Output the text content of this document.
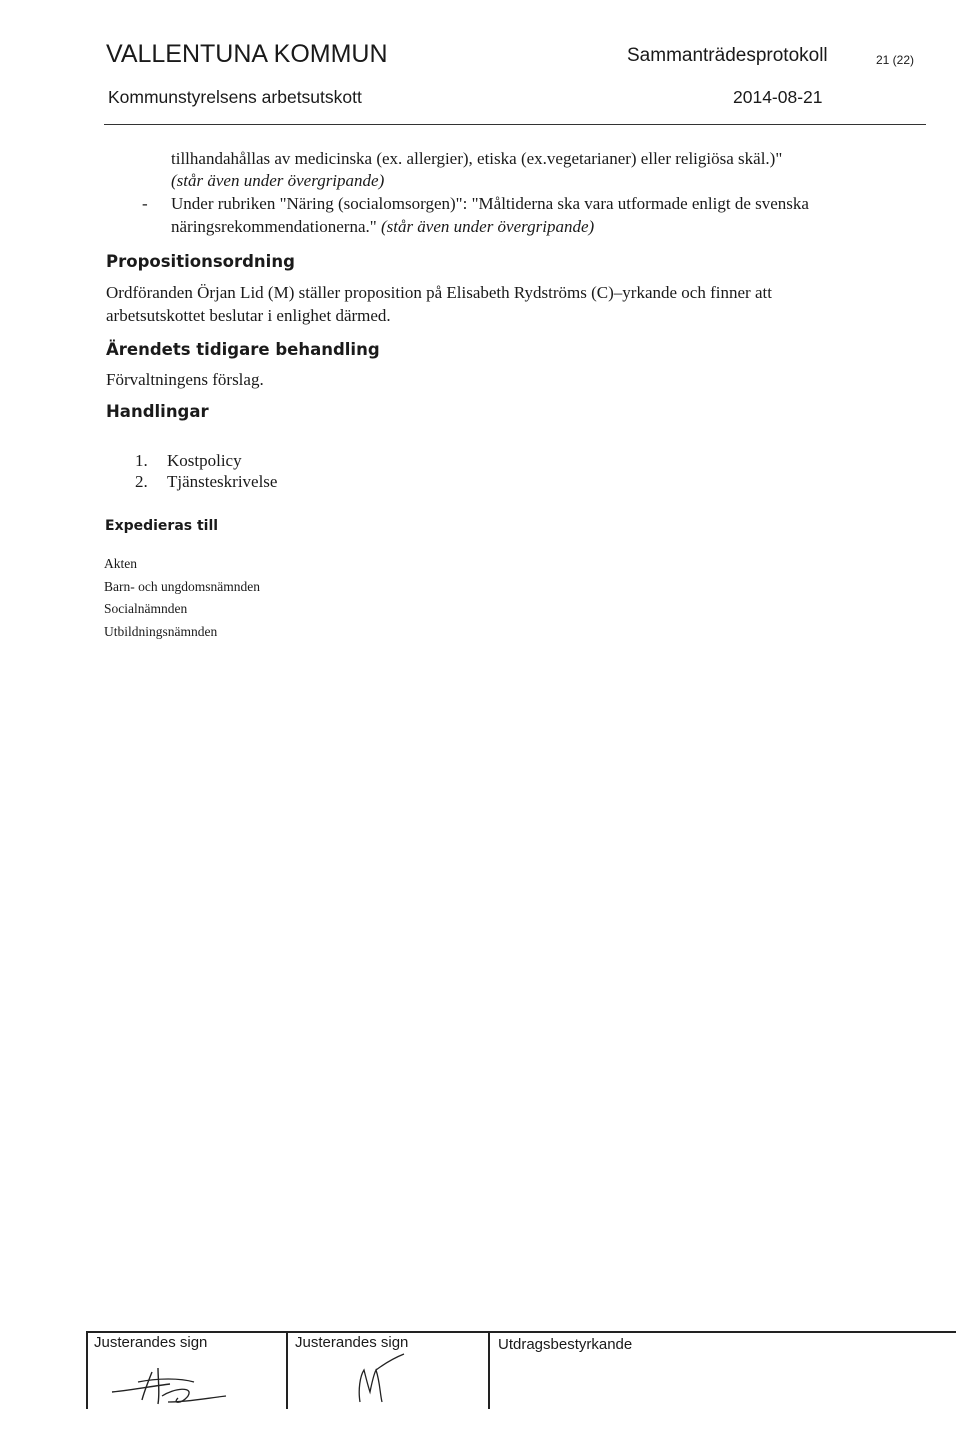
VALLENTUNA KOMMUN	Sammanträdesprotokoll	21 (22)
Kommunstyrelsens arbetsutskott	2014-08-21
tillhandahållas av medicinska (ex. allergier), etiska (ex.vegetarianer) eller religiösa skäl.)"
(står även under övergripande)
- Under rubriken "Näring (socialomsorgen)": "Måltiderna ska vara utformade enligt de svenska
näringsrekommendationerna." (står även under övergripande)
Propositionsordning
Ordföranden Örjan Lid (M) ställer proposition på Elisabeth Rydströms (C)–yrkande och finner att
arbetsutskottet beslutar i enlighet därmed.
Ärendets tidigare behandling
Förvaltningens förslag.
Handlingar
1. Kostpolicy
2. Tjänsteskrivelse
Expedieras till
Akten
Barn- och ungdomsnämnden
Socialnämnden
Utbildningsnämnden
Justerandes sign	Justerandes sign	Utdragsbestyrkande
